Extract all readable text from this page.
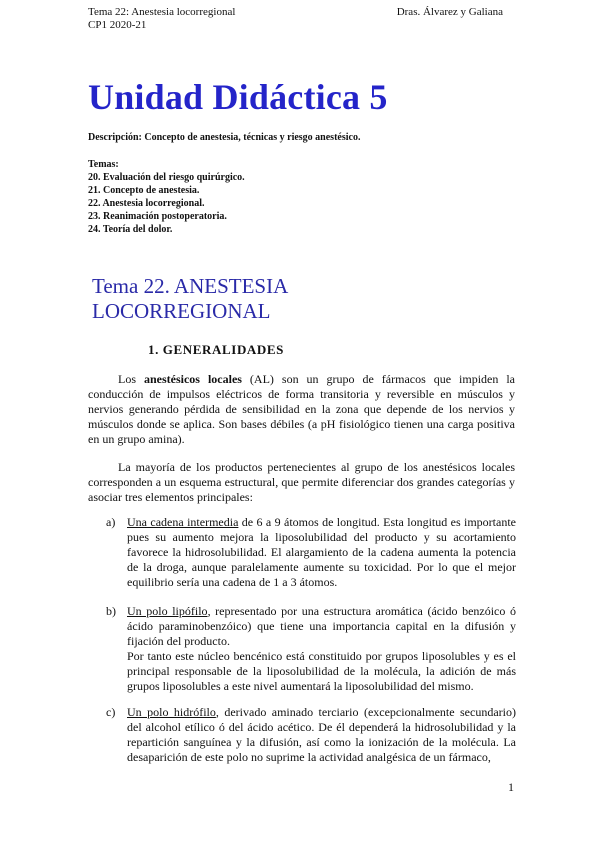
Tema 22: Anestesia locorregional
CP1 2020-21
Dras. Álvarez y Galiana
Unidad Didáctica 5
Descripción: Concepto de anestesia, técnicas y riesgo anestésico.
Temas:
20. Evaluación del riesgo quirúrgico.
21. Concepto de anestesia.
22. Anestesia locorregional.
23. Reanimación postoperatoria.
24. Teoría del dolor.
Tema 22. ANESTESIA LOCORREGIONAL
1. GENERALIDADES
Los anestésicos locales (AL) son un grupo de fármacos que impiden la conducción de impulsos eléctricos de forma transitoria y reversible en músculos y nervios generando pérdida de sensibilidad en la zona que depende de los nervios y músculos donde se aplica. Son bases débiles (a pH fisiológico tienen una carga positiva en un grupo amina).
La mayoría de los productos pertenecientes al grupo de los anestésicos locales corresponden a un esquema estructural, que permite diferenciar dos grandes categorías y asociar tres elementos principales:
a) Una cadena intermedia de 6 a 9 átomos de longitud. Esta longitud es importante pues su aumento mejora la liposolubilidad del producto y su acortamiento favorece la hidrosolubilidad. El alargamiento de la cadena aumenta la potencia de la droga, aunque paralelamente aumente su toxicidad. Por lo que el mejor equilibrio sería una cadena de 1 a 3 átomos.
b) Un polo lipófilo, representado por una estructura aromática (ácido benzóico ó ácido paraminobenzóico) que tiene una importancia capital en la difusión y fijación del producto.
Por tanto este núcleo bencénico está constituido por grupos liposolubles y es el principal responsable de la liposolubilidad de la molécula, la adición de más grupos liposolubles a este nivel aumentará la liposolubilidad del mismo.
c) Un polo hidrófilo, derivado aminado terciario (excepcionalmente secundario) del alcohol etílico ó del ácido acético. De él dependerá la hidrosolubilidad y la repartición sanguínea y la difusión, así como la ionización de la molécula. La desaparición de este polo no suprime la actividad analgésica de un fármaco,
1
